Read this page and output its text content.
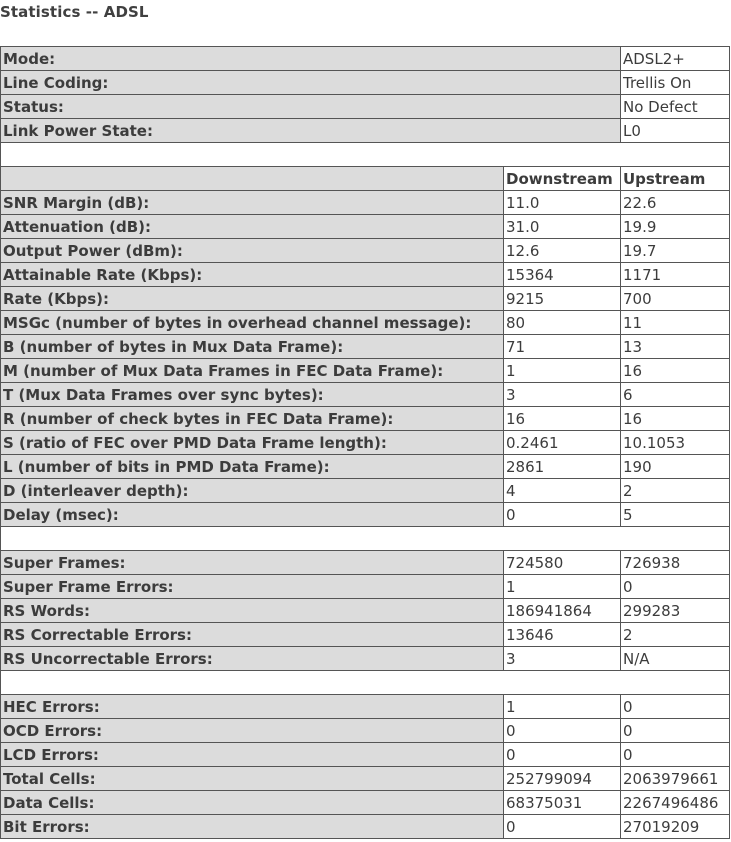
Statistics -- ADSL
Mode:		ADSL2+
Line Coding:		Trellis On
Status:		No Defect
Link Power State:		L0

	Downstream	Upstream
SNR Margin (dB):	11.0	22.6
Attenuation (dB):	31.0	19.9
Output Power (dBm):	12.6	19.7
Attainable Rate (Kbps):	15364	1171
Rate (Kbps):	9215	700
MSGc (number of bytes in overhead channel message):	80	11
B (number of bytes in Mux Data Frame):	71	13
M (number of Mux Data Frames in FEC Data Frame):	1	16
T (Mux Data Frames over sync bytes):	3	6
R (number of check bytes in FEC Data Frame):	16	16
S (ratio of FEC over PMD Data Frame length):	0.2461	10.1053
L (number of bits in PMD Data Frame):	2861	190
D (interleaver depth):	4	2
Delay (msec):	0	5

Super Frames:	724580	726938
Super Frame Errors:	1	0
RS Words:	186941864	299283
RS Correctable Errors:	13646	2
RS Uncorrectable Errors:	3	N/A

HEC Errors:	1	0
OCD Errors:	0	0
LCD Errors:	0	0
Total Cells:	252799094	2063979661
Data Cells:	68375031	2267496486
Bit Errors:	0	27019209
